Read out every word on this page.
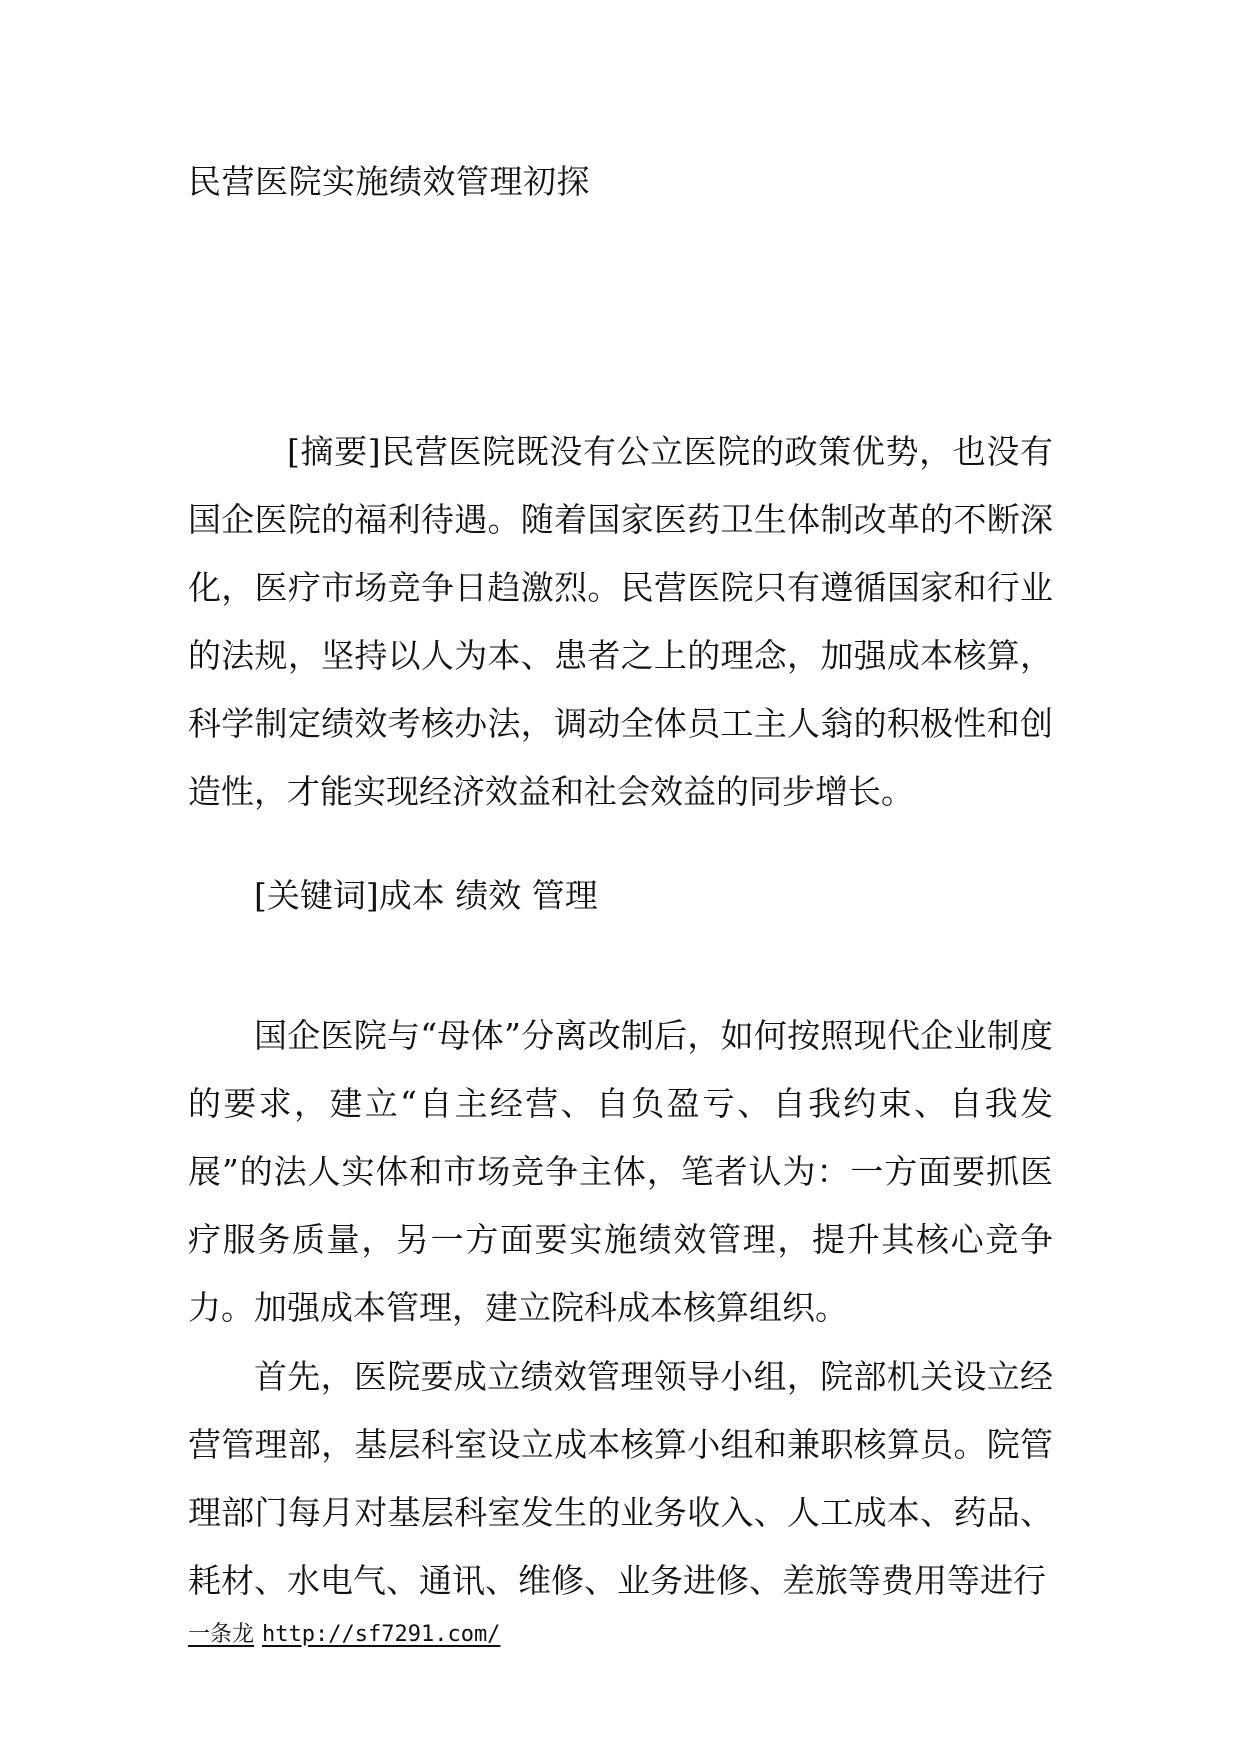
民营医院实施绩效管理初探

[摘要]民营医院既没有公立医院的政策优势，也没有国企医院的福利待遇。随着国家医药卫生体制改革的不断深化，医疗市场竞争日趋激烈。民营医院只有遵循国家和行业的法规，坚持以人为本、患者之上的理念，加强成本核算，科学制定绩效考核办法，调动全体员工主人翁的积极性和创造性，才能实现经济效益和社会效益的同步增长。

[关键词]成本 绩效 管理

国企医院与“母体”分离改制后，如何按照现代企业制度的要求，建立“自主经营、自负盈亏、自我约束、自我发展”的法人实体和市场竞争主体，笔者认为：一方面要抓医疗服务质量，另一方面要实施绩效管理，提升其核心竞争力。 加强成本管理，建立院科成本核算组织。

首先，医院要成立绩效管理领导小组，院部机关设立经营管理部，基层科室设立成本核算小组和兼职核算员。院管理部门每月对基层科室发生的业务收入、人工成本、药品、耗材、水电气、通讯、维修、业务进修、差旅等费用等进行

一条龙 http://sf7291.com/
